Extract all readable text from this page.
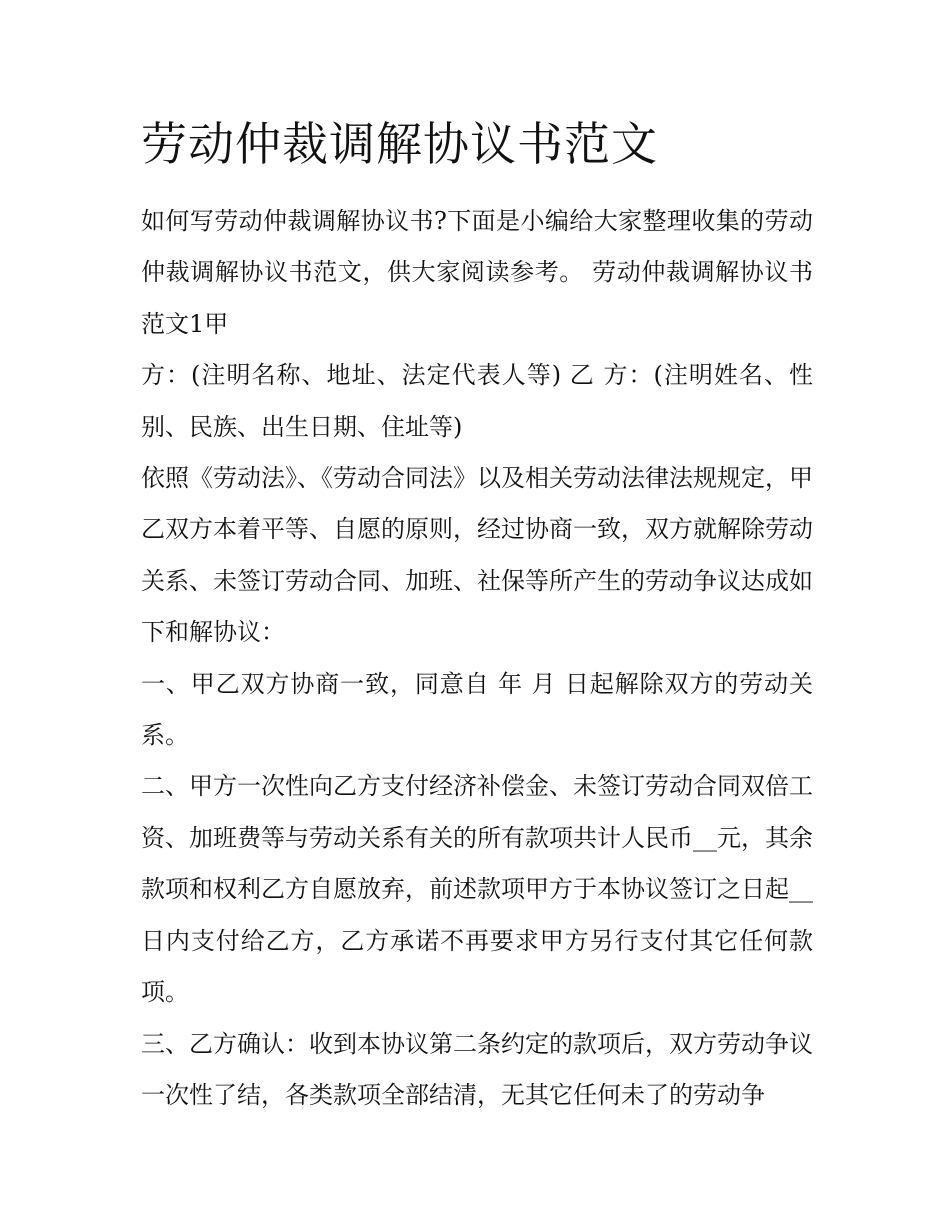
劳动仲裁调解协议书范文

如何写劳动仲裁调解协议书?下面是小编给大家整理收集的劳动仲裁调解协议书范文，供大家阅读参考。 劳动仲裁调解协议书范文1甲

方：(注明名称、地址、法定代表人等) 乙 方：(注明姓名、性别、民族、出生日期、住址等)

依照《劳动法》、《劳动合同法》以及相关劳动法律法规规定，甲乙双方本着平等、自愿的原则，经过协商一致，双方就解除劳动关系、未签订劳动合同、加班、社保等所产生的劳动争议达成如下和解协议：

一、甲乙双方协商一致，同意自 年 月 日起解除双方的劳动关系。

二、甲方一次性向乙方支付经济补偿金、未签订劳动合同双倍工资、加班费等与劳动关系有关的所有款项共计人民币__元，其余款项和权利乙方自愿放弃，前述款项甲方于本协议签订之日起__日内支付给乙方，乙方承诺不再要求甲方另行支付其它任何款项。

三、乙方确认：收到本协议第二条约定的款项后，双方劳动争议一次性了结，各类款项全部结清，无其它任何未了的劳动争
